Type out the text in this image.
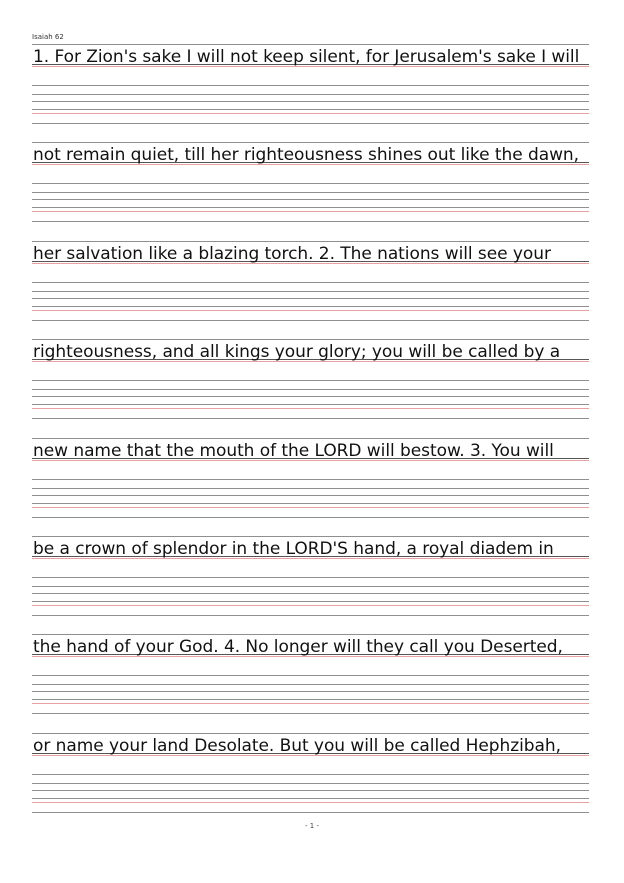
Isaiah 62
1. For Zion's sake I will not keep silent, for Jerusalem's sake I will
not remain quiet, till her righteousness shines out like the dawn,
her salvation like a blazing torch. 2. The nations will see your
righteousness, and all kings your glory; you will be called by a
new name that the mouth of the LORD will bestow. 3. You will
be a crown of splendor in the LORD'S hand, a royal diadem in
the hand of your God. 4. No longer will they call you Deserted,
or name your land Desolate. But you will be called Hephzibah,
- 1 -
